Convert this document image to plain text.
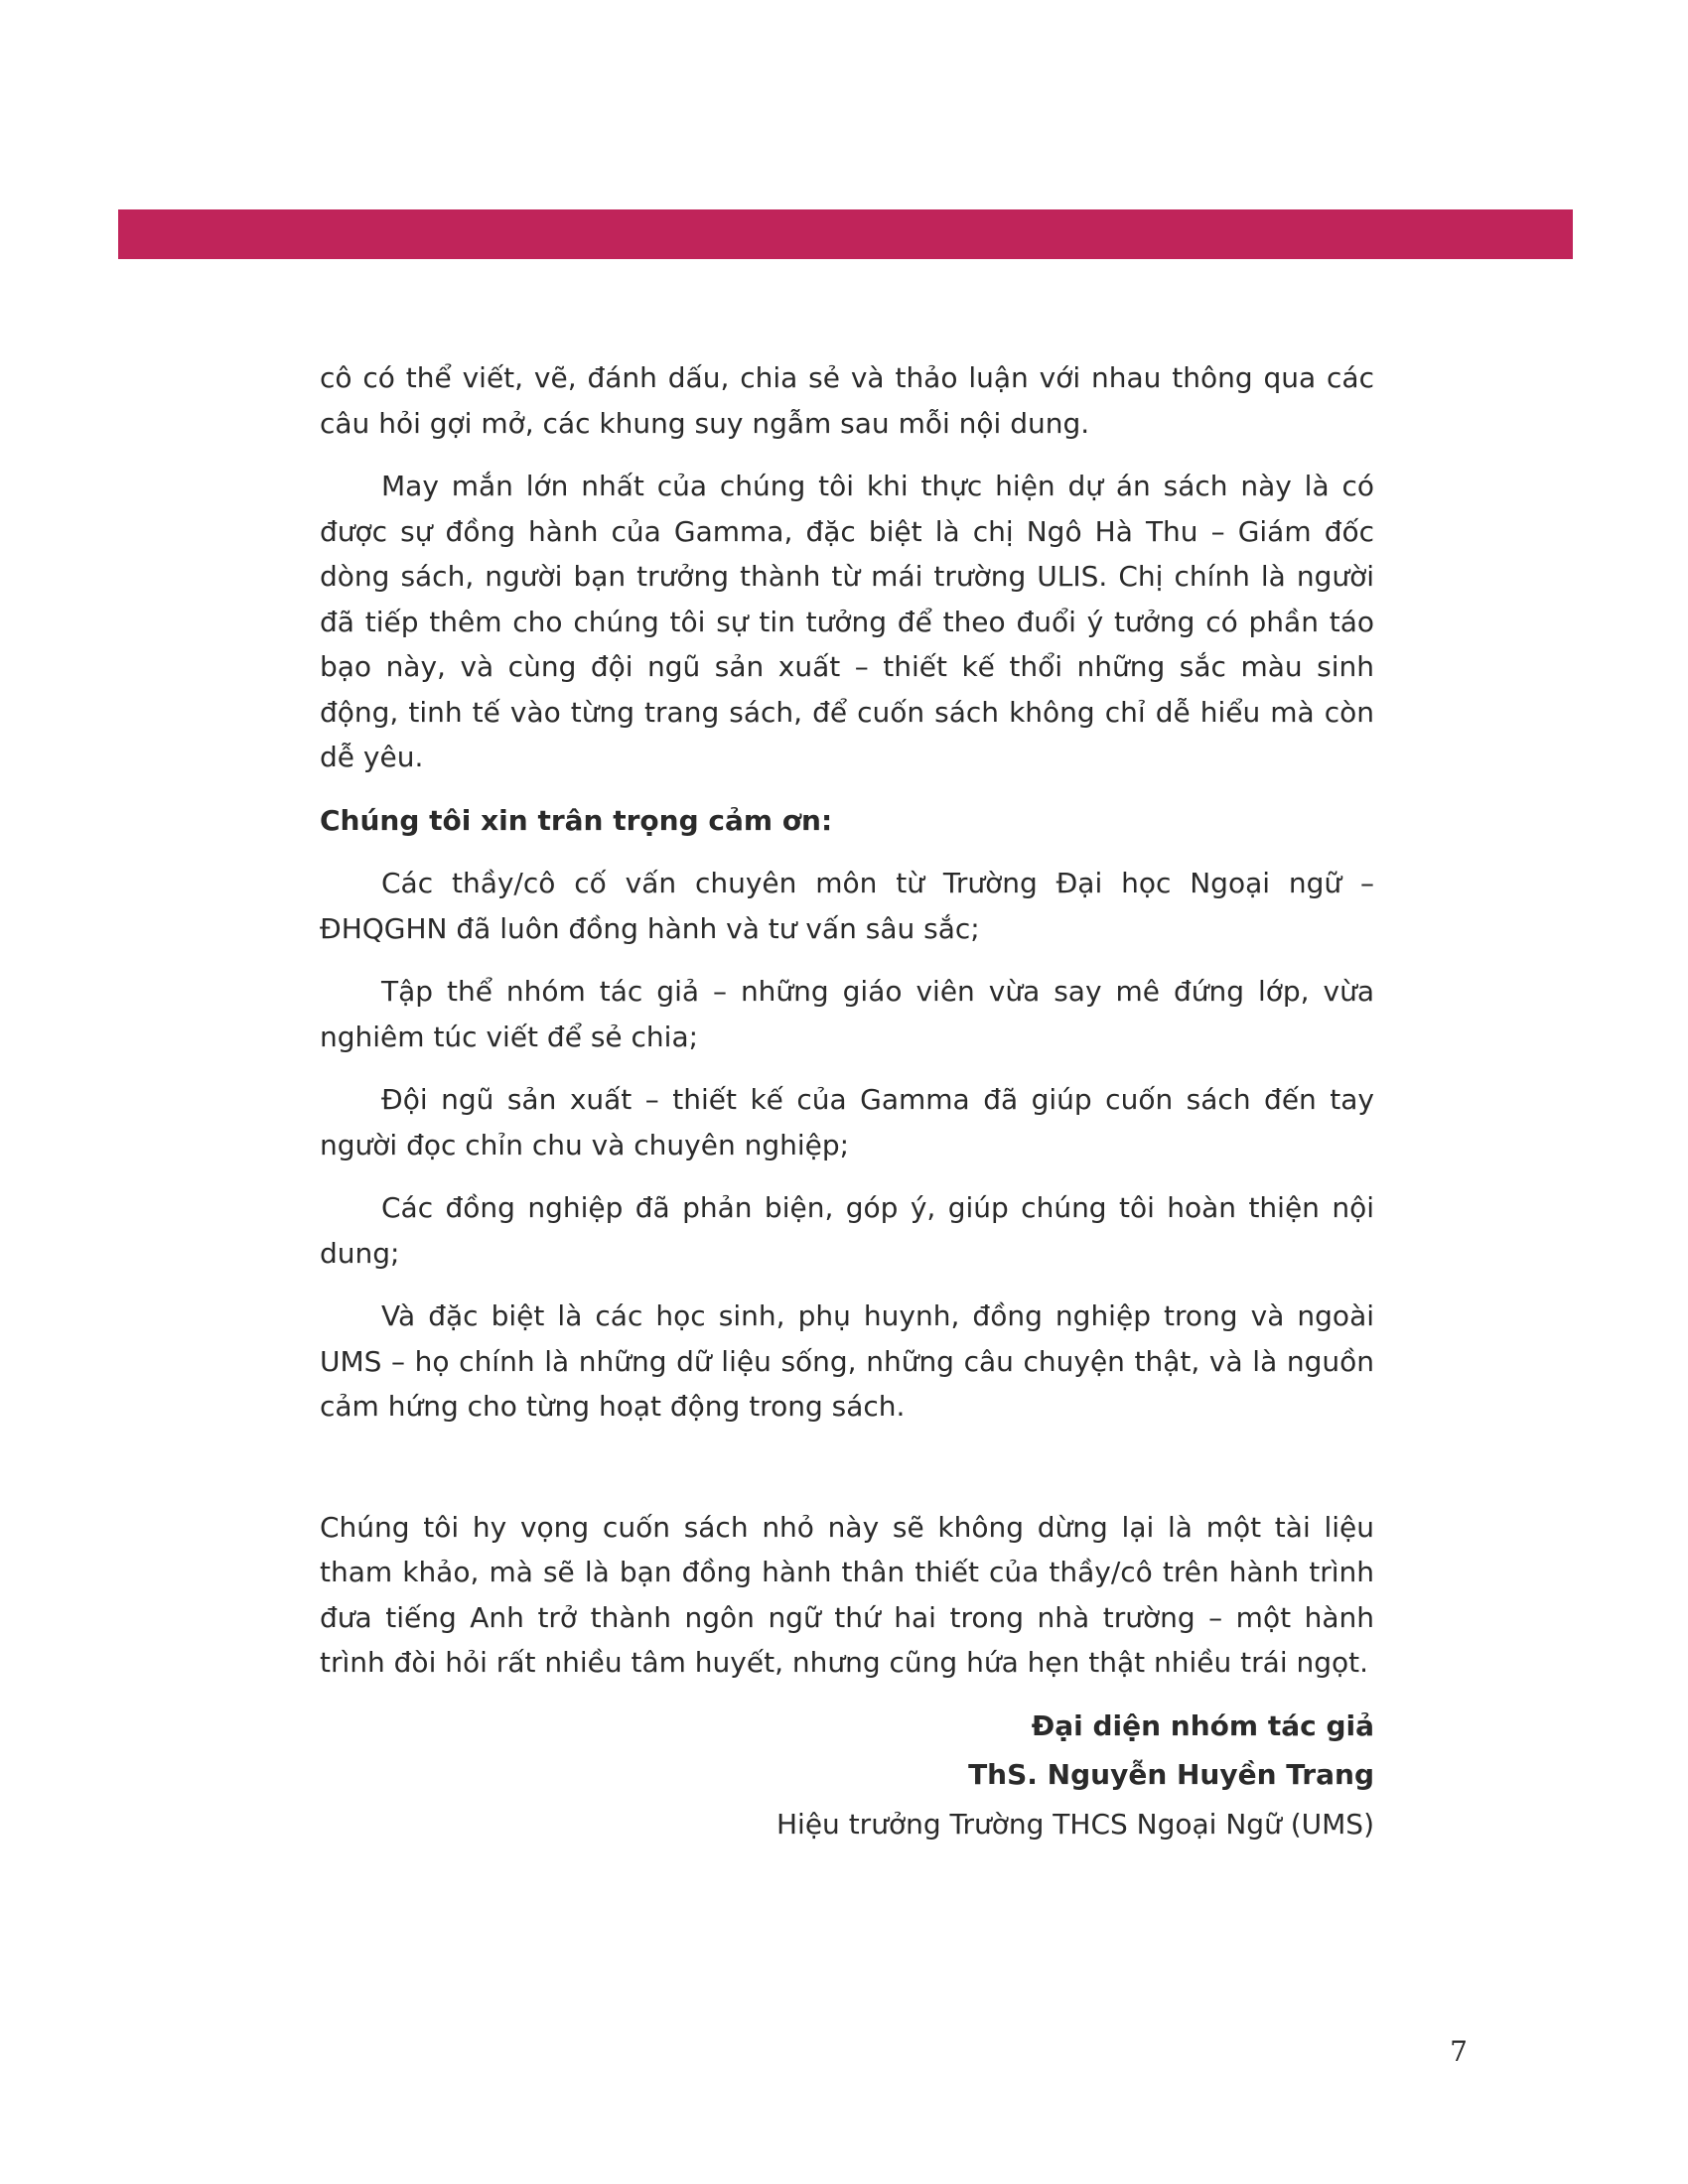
cô có thể viết, vẽ, đánh dấu, chia sẻ và thảo luận với nhau thông qua các câu hỏi gợi mở, các khung suy ngẫm sau mỗi nội dung.

May mắn lớn nhất của chúng tôi khi thực hiện dự án sách này là có được sự đồng hành của Gamma, đặc biệt là chị Ngô Hà Thu – Giám đốc dòng sách, người bạn trưởng thành từ mái trường ULIS. Chị chính là người đã tiếp thêm cho chúng tôi sự tin tưởng để theo đuổi ý tưởng có phần táo bạo này, và cùng đội ngũ sản xuất – thiết kế thổi những sắc màu sinh động, tinh tế vào từng trang sách, để cuốn sách không chỉ dễ hiểu mà còn dễ yêu.

Chúng tôi xin trân trọng cảm ơn:

Các thầy/cô cố vấn chuyên môn từ Trường Đại học Ngoại ngữ – ĐHQGHN đã luôn đồng hành và tư vấn sâu sắc;

Tập thể nhóm tác giả – những giáo viên vừa say mê đứng lớp, vừa nghiêm túc viết để sẻ chia;

Đội ngũ sản xuất – thiết kế của Gamma đã giúp cuốn sách đến tay người đọc chỉn chu và chuyên nghiệp;

Các đồng nghiệp đã phản biện, góp ý, giúp chúng tôi hoàn thiện nội dung;

Và đặc biệt là các học sinh, phụ huynh, đồng nghiệp trong và ngoài UMS – họ chính là những dữ liệu sống, những câu chuyện thật, và là nguồn cảm hứng cho từng hoạt động trong sách.

Chúng tôi hy vọng cuốn sách nhỏ này sẽ không dừng lại là một tài liệu tham khảo, mà sẽ là bạn đồng hành thân thiết của thầy/cô trên hành trình đưa tiếng Anh trở thành ngôn ngữ thứ hai trong nhà trường – một hành trình đòi hỏi rất nhiều tâm huyết, nhưng cũng hứa hẹn thật nhiều trái ngọt.

Đại diện nhóm tác giả

ThS. Nguyễn Huyền Trang

Hiệu trưởng Trường THCS Ngoại Ngữ (UMS)

7
